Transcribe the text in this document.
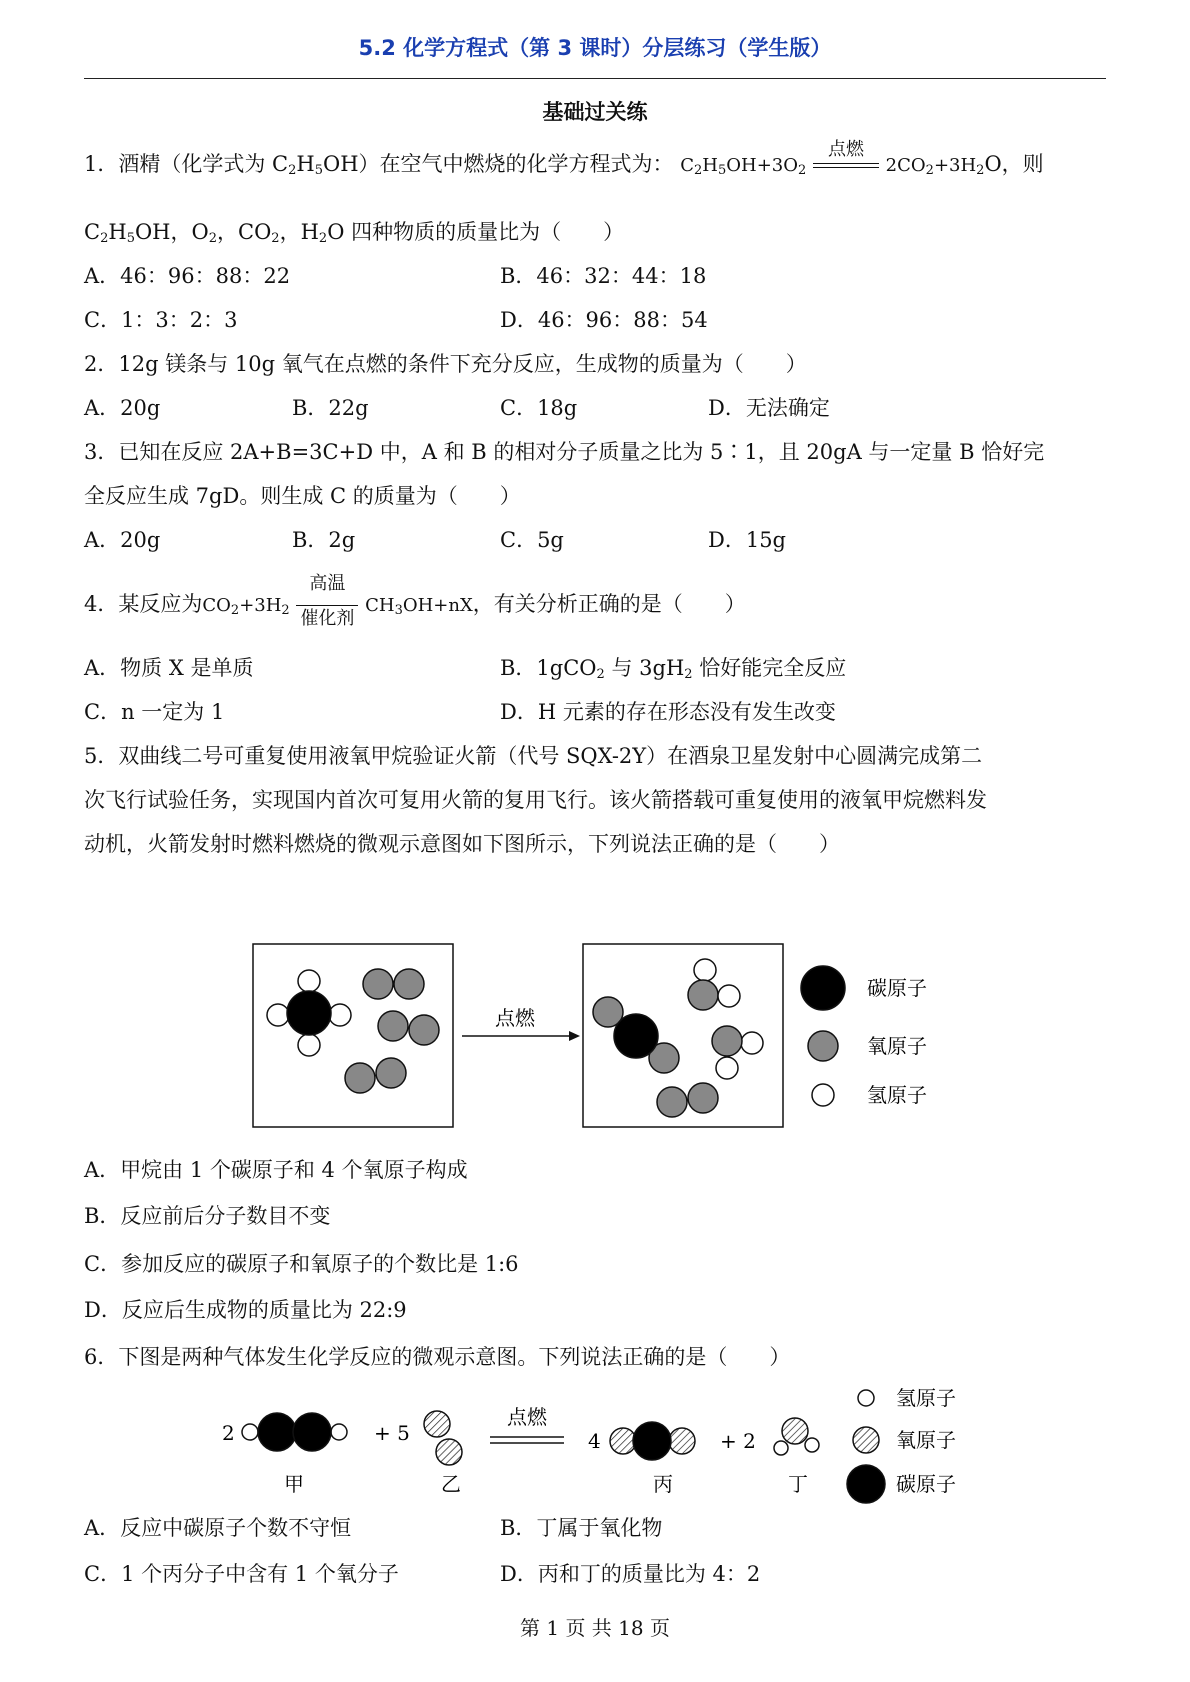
5.2 化学方程式（第 3 课时）分层练习（学生版）
基础过关练
1．酒精（化学式为 $C_2H_5OH$）在空气中燃烧的化学方程式为： $C_2H_5OH+3O_2$
点燃
$2CO_2+3H_2O$，则
$C_2H_5OH$，$O_2$，$CO_2$，$H_2O$ 四种物质的质量比为（　　）
A．46：96：88：22	B．46：32：44：18
C．1：3：2：3	D．46：96：88：54
2．12g 镁条与 10g 氧气在点燃的条件下充分反应，生成物的质量为（　　）
A．20g	B．22g	C．18g	D．无法确定
3．已知在反应 2A+B=3C+D 中，A 和 B 的相对分子质量之比为 5∶1，且 20gA 与一定量 B 恰好完
全反应生成 7gD。则生成 C 的质量为（　　）
A．20g	B．2g	C．5g	D．15g
4．某反应为$CO_2+3H_2$
高温
催化剂
$CH_3OH+nX$，有关分析正确的是（　　）
A．物质 X 是单质	B．1gCO$_2$ 与 $3gH_2$ 恰好能完全反应
C．n 一定为 1	D．H 元素的存在形态没有发生改变
5．双曲线二号可重复使用液氧甲烷验证火箭（代号 SQX-2Y）在酒泉卫星发射中心圆满完成第二
次飞行试验任务，实现国内首次可复用火箭的复用飞行。该火箭搭载可重复使用的液氧甲烷燃料发
动机，火箭发射时燃料燃烧的微观示意图如下图所示，下列说法正确的是（　　）
点燃
碳原子
氧原子
氢原子
A．甲烷由 1 个碳原子和 4 个氧原子构成
B．反应前后分子数目不变
C．参加反应的碳原子和氧原子的个数比是 1:6
D．反应后生成物的质量比为 22:9
6．下图是两种气体发生化学反应的微观示意图。下列说法正确的是（　　）
点燃
2	+ 5	4	+ 2
甲	乙	丙	丁
氢原子
氧原子
碳原子
A．反应中碳原子个数不守恒	B．丁属于氧化物
C．1 个丙分子中含有 1 个氧分子	D．丙和丁的质量比为 4：2
第 1 页 共 18 页
